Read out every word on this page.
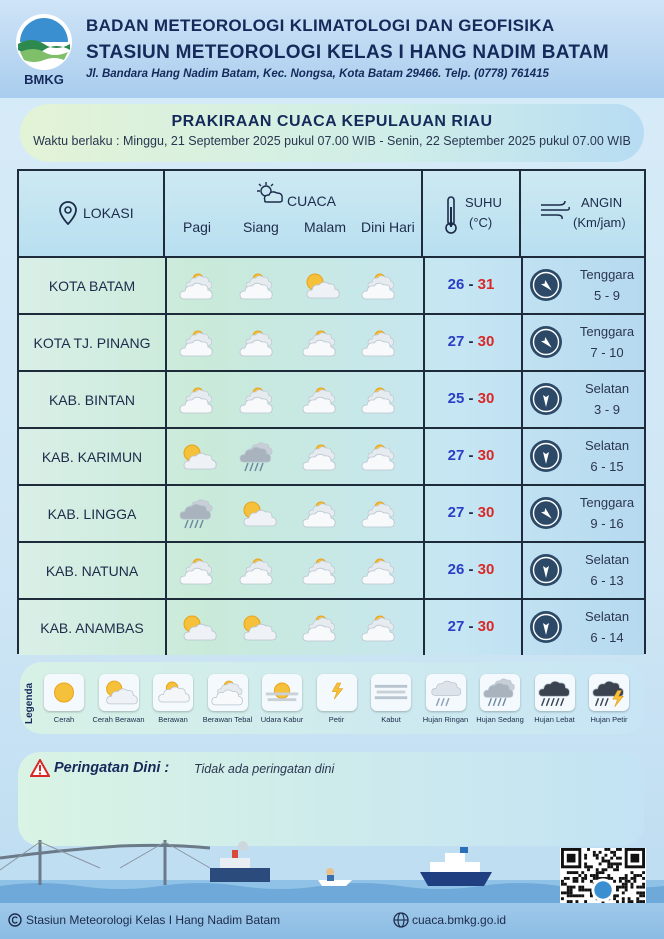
BMKG
BADAN METEOROLOGI KLIMATOLOGI DAN GEOFISIKA
STASIUN METEOROLOGI KELAS I HANG NADIM BATAM
Jl. Bandara Hang Nadim Batam, Kec. Nongsa, Kota Batam 29466. Telp. (0778) 761415
PRAKIRAAN CUACA KEPULAUAN RIAU
Waktu berlaku : Minggu, 21 September 2025 pukul 07.00 WIB - Senin, 22 September 2025 pukul 07.00 WIB
LOKASI
CUACA
Pagi Siang Malam Dini Hari
SUHU
(°C)
ANGIN
(Km/jam)
KOTA BATAM	26 - 31
Tenggara
5 - 9
KOTA TJ. PINANG	27 - 30
Tenggara
7 - 10
KAB. BINTAN	25 - 30
Selatan
3 - 9
KAB. KARIMUN	27 - 30
Selatan
6 - 15
KAB. LINGGA	27 - 30
Tenggara
9 - 16
KAB. NATUNA	26 - 30
Selatan
6 - 13
KAB. ANAMBAS	27 - 30
Selatan
6 - 14
Legenda	Cerah	Cerah Berawan	Berawan	Berawan Tebal	Udara Kabur	Petir	Kabut	Hujan Ringan	Hujan Sedang	Hujan Lebat	Hujan Petir
Peringatan Dini : Tidak ada peringatan dini
Stasiun Meteorologi Kelas I Hang Nadim Batam	cuaca.bmkg.go.id
